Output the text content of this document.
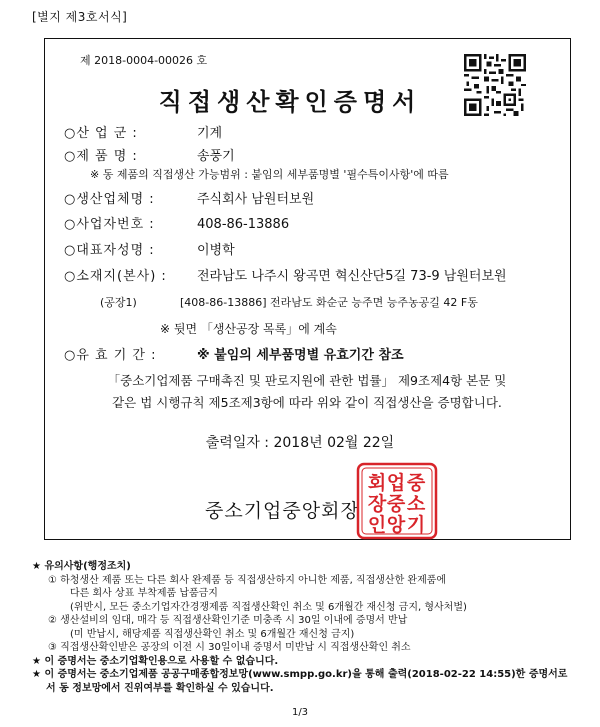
[별지 제3호서식]
제 2018-0004-00026 호
직접생산확인증명서
○산 업 군 :	기계
○제 품 명 :	송풍기
※ 동 제품의 직접생산 가능범위 : 붙임의 세부품명별 '필수특이사항'에 따름
○생산업체명 :	주식회사 남원터보원
○사업자번호 :	408-86-13886
○대표자성명 :	이병학
○소재지(본사) : 전라남도 나주시 왕곡면 혁신산단5길 73-9 남원터보원
(공장1)	[408-86-13886] 전라남도 화순군 능주면 능주농공길 42 F동
※ 뒷면 「생산공장 목록」에 계속
○유 효 기 간 :	※ 붙임의 세부품명별 유효기간 참조
「중소기업제품 구매촉진 및 판로지원에 관한 법률」 제9조제4항 본문 및
같은 법 시행규칙 제5조제3항에 따라 위와 같이 직접생산을 증명합니다.
출력일자 : 2018년 02월 22일
중소기업중앙회장
중
소
기
업
중
앙
회
장
인
★ 유의사항(행정조치)
① 하청생산 제품 또는 다른 회사 완제품 등 직접생산하지 아니한 제품, 직접생산한 완제품에
다른 회사 상표 부착제품 납품금지
(위반시, 모든 중소기업자간경쟁제품 직접생산확인 취소 및 6개월간 재신청 금지, 형사처벌)
② 생산설비의 임대, 매각 등 직접생산확인기준 미충족 시 30일 이내에 증명서 반납
(미 반납시, 해당제품 직접생산확인 취소 및 6개월간 재신청 금지)
③ 직접생산확인받은 공장의 이전 시 30일이내 증명서 미반납 시 직접생산확인 취소
★ 이 증명서는 중소기업확인용으로 사용할 수 없습니다.
★ 이 증명서는 중소기업제품 공공구매종합정보망(www.smpp.go.kr)을 통해 출력(2018-02-22 14:55)한 증명서로서 동 정보망에서 진위여부를 확인하실 수 있습니다.
1/3
